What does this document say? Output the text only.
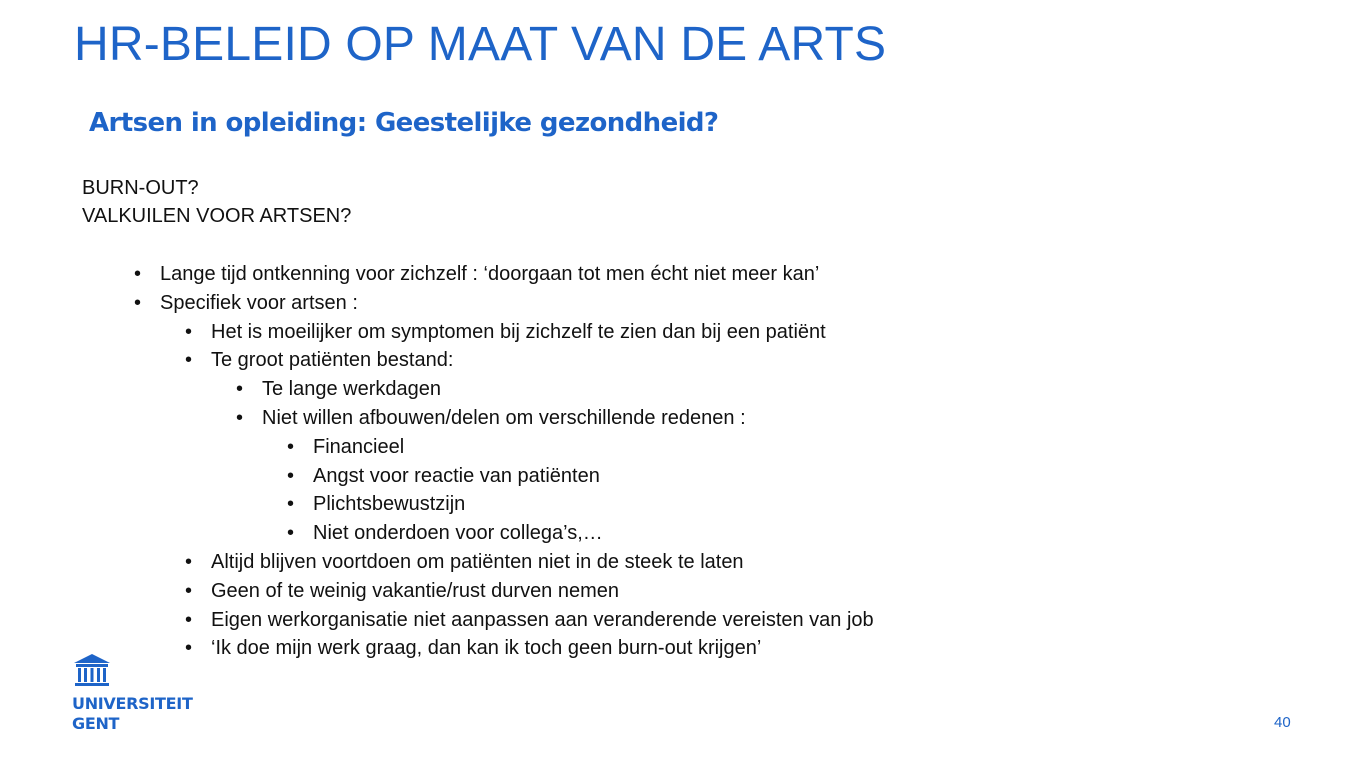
HR-BELEID OP MAAT VAN DE ARTS
Artsen in opleiding: Geestelijke gezondheid?
BURN-OUT?
VALKUILEN VOOR ARTSEN?
• Lange tijd ontkenning voor zichzelf : ‘doorgaan tot men écht niet meer kan’
• Specifiek voor artsen :
• Het is moeilijker om symptomen bij zichzelf te zien dan bij een patiënt
• Te groot patiënten bestand:
• Te lange werkdagen
• Niet willen afbouwen/delen om verschillende redenen :
• Financieel
• Angst voor reactie van patiënten
• Plichtsbewustzijn
• Niet onderdoen voor collega’s,…
• Altijd blijven voortdoen om patiënten niet in de steek te laten
• Geen of te weinig vakantie/rust durven nemen
• Eigen werkorganisatie niet aanpassen aan veranderende vereisten van job
• ‘Ik doe mijn werk graag, dan kan ik toch geen burn-out krijgen’
UNIVERSITEIT
GENT	40
